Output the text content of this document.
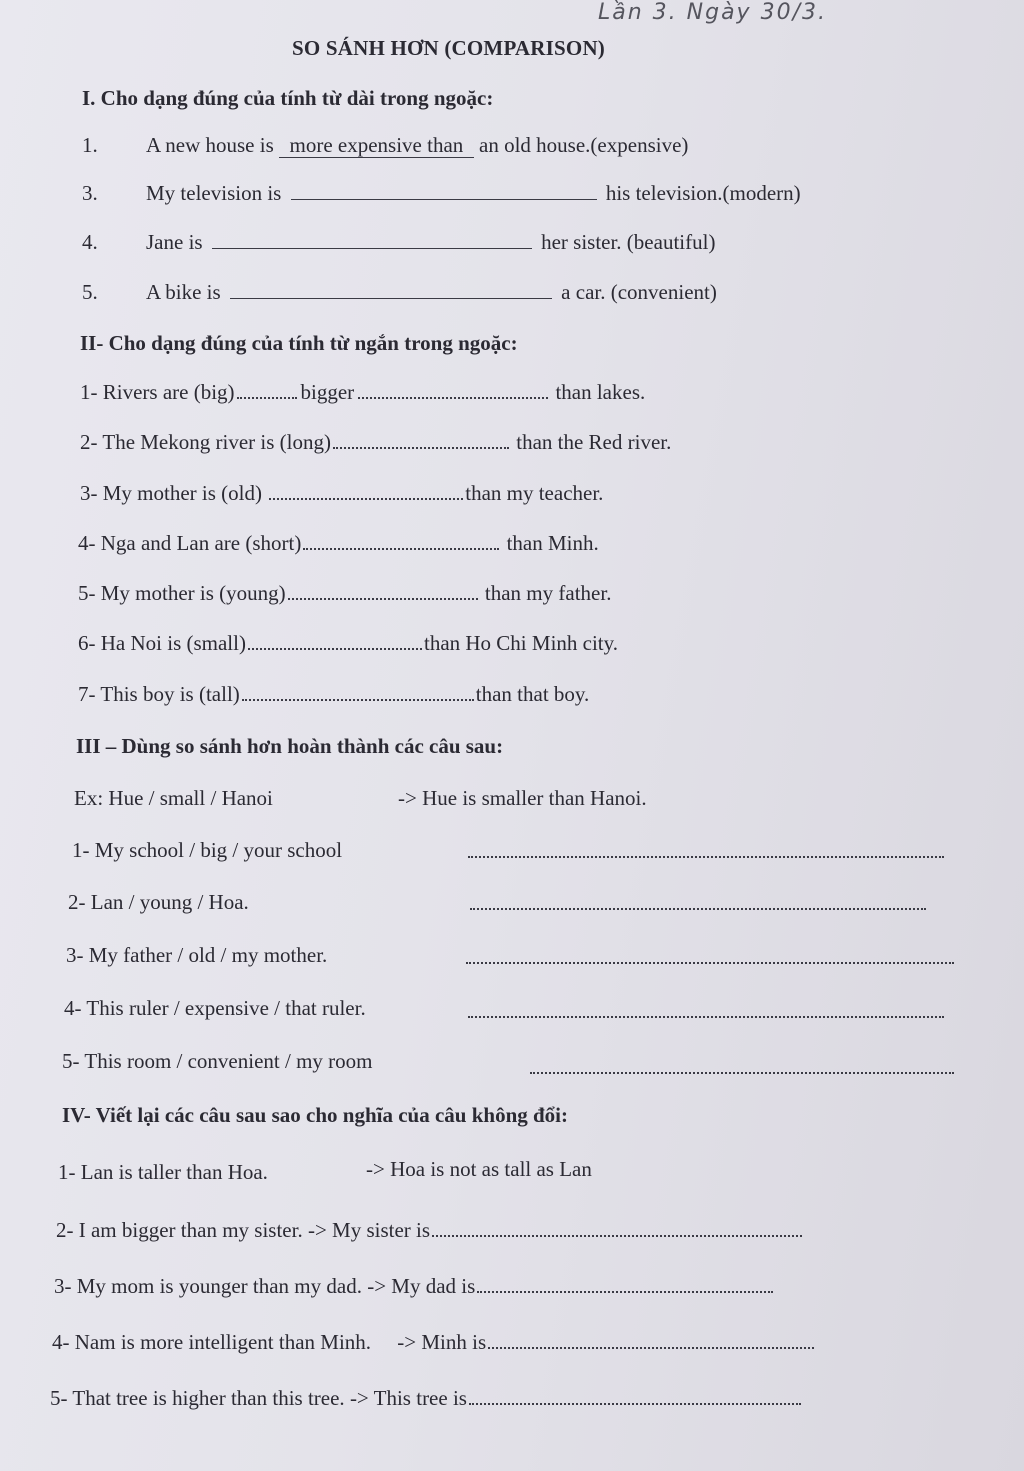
Lần 3. Ngày 30/3.
SO SÁNH HƠN (COMPARISON)
I. Cho dạng đúng của tính từ dài trong ngoặc:
1. A new house is more expensive than an old house.(expensive)
3. My television is	his television.(modern)
4. Jane is	her sister. (beautiful)
5. A bike is	a car. (convenient)
II- Cho dạng đúng của tính từ ngắn trong ngoặc:
1- Rivers are (big)	bigger	than lakes.
2- The Mekong river is (long)	than the Red river.
3- My mother is (old)	than my teacher.
4- Nga and Lan are (short)	than Minh.
5- My mother is (young)	than my father.
6- Ha Noi is (small)	than Ho Chi Minh city.
7- This boy is (tall)	than that boy.
III – Dùng so sánh hơn hoàn thành các câu sau:
Ex: Hue / small / Hanoi	-> Hue is smaller than Hanoi.
1- My school / big / your school
2- Lan / young / Hoa.
3- My father / old / my mother.
4- This ruler / expensive / that ruler.
5- This room / convenient / my room
IV- Viết lại các câu sau sao cho nghĩa của câu không đổi:
1- Lan is taller than Hoa.	-> Hoa is not as tall as Lan
2- I am bigger than my sister. -> My sister is
3- My mom is younger than my dad. -> My dad is
4- Nam is more intelligent than Minh. -> Minh is
5- That tree is higher than this tree. -> This tree is
